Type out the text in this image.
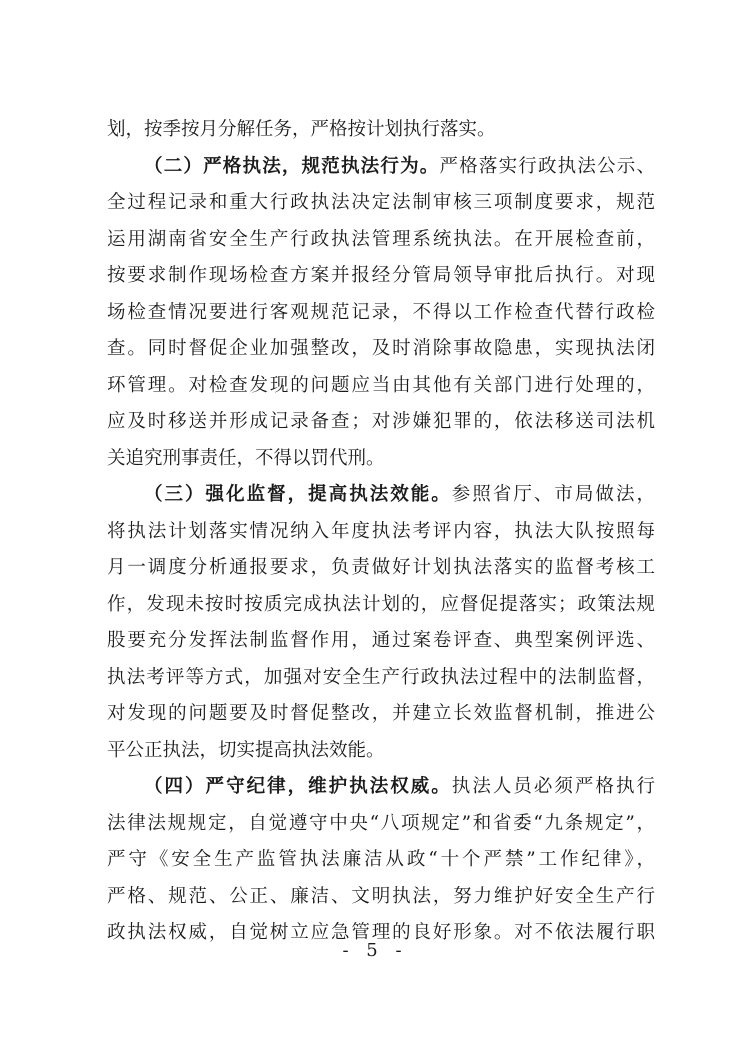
划，按季按月分解任务，严格按计划执行落实。
（二）严格执法，规范执法行为。严格落实行政执法公示、
全过程记录和重大行政执法决定法制审核三项制度要求，规范
运用湖南省安全生产行政执法管理系统执法。在开展检查前，
按要求制作现场检查方案并报经分管局领导审批后执行。对现
场检查情况要进行客观规范记录，不得以工作检查代替行政检
查。同时督促企业加强整改，及时消除事故隐患，实现执法闭
环管理。对检查发现的问题应当由其他有关部门进行处理的，
应及时移送并形成记录备查；对涉嫌犯罪的，依法移送司法机
关追究刑事责任，不得以罚代刑。
（三）强化监督，提高执法效能。参照省厅、市局做法，
将执法计划落实情况纳入年度执法考评内容，执法大队按照每
月一调度分析通报要求，负责做好计划执法落实的监督考核工
作，发现未按时按质完成执法计划的，应督促提落实；政策法规
股要充分发挥法制监督作用，通过案卷评查、典型案例评选、
执法考评等方式，加强对安全生产行政执法过程中的法制监督，
对发现的问题要及时督促整改，并建立长效监督机制，推进公
平公正执法，切实提高执法效能。
（四）严守纪律，维护执法权威。执法人员必须严格执行
法律法规规定，自觉遵守中央“八项规定”和省委“九条规定”，
严守《安全生产监管执法廉洁从政“十个严禁”工作纪律》，
严格、规范、公正、廉洁、文明执法，努力维护好安全生产行
政执法权威，自觉树立应急管理的良好形象。对不依法履行职
- 5 -
